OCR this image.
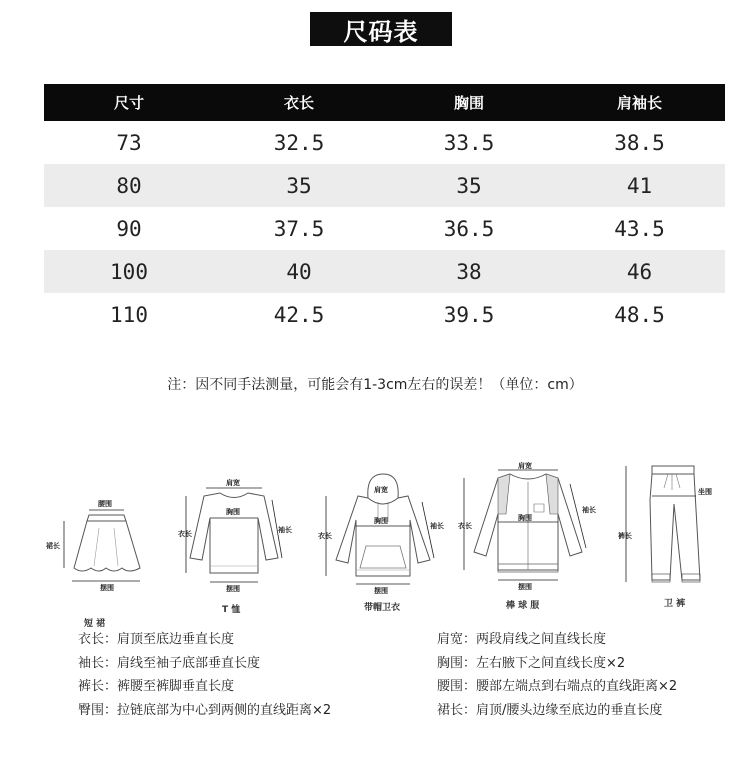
尺码表
尺寸	衣长	胸围	肩袖长
73	32.5	33.5	38.5
80	35	35	41
90	37.5	36.5	43.5
100	40	38	46
110	42.5	39.5	48.5
注：因不同手法测量，可能会有1-3cm左右的误差！（单位：cm）
腰围
裙长
摆围
短 裙
肩宽
胸围
衣长	袖长
摆围
T 恤
肩宽
胸围
衣长
袖长
摆围
带帽卫衣
肩宽
胸围
衣长
袖长
摆围
棒 球 服
裤长
坐围
卫 裤
衣长：肩顶至底边垂直长度
袖长：肩线至袖子底部垂直长度
裤长：裤腰至裤脚垂直长度
臀围：拉链底部为中心到两侧的直线距离×2
肩宽：两段肩线之间直线长度
胸围：左右腋下之间直线长度×2
腰围：腰部左端点到右端点的直线距离×2
裙长：肩顶/腰头边缘至底边的垂直长度
